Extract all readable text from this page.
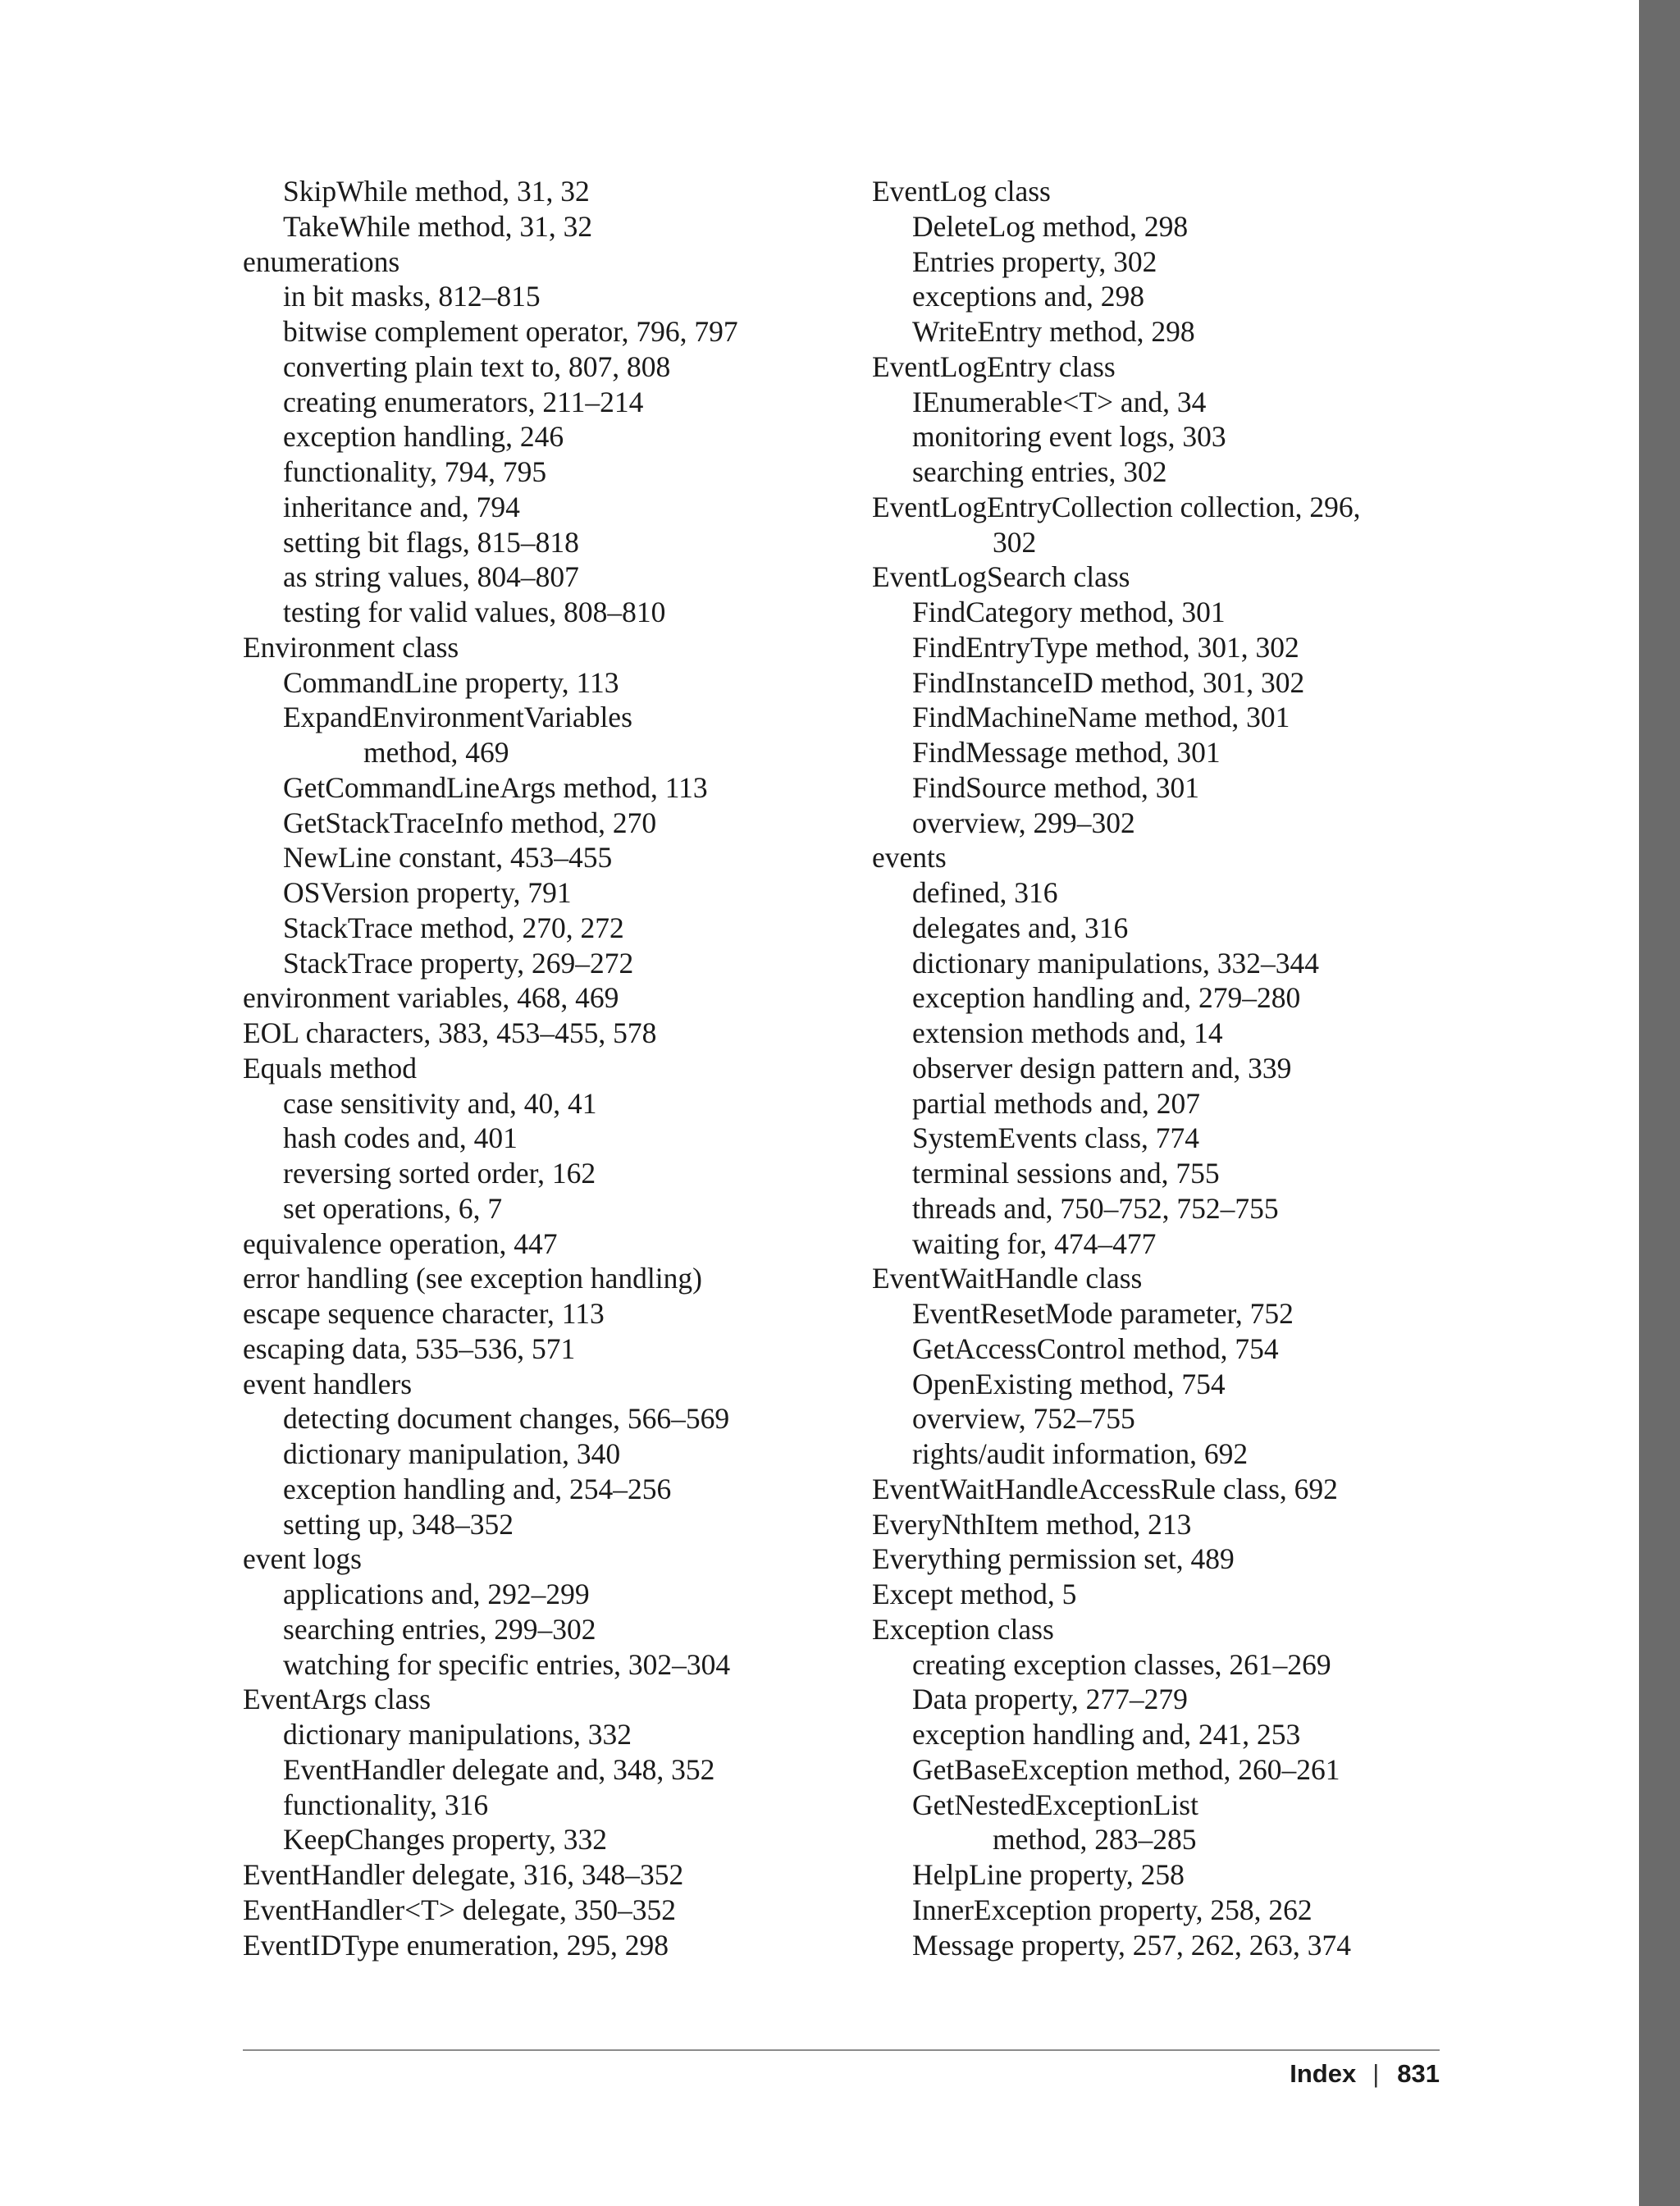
SkipWhile method, 31, 32
TakeWhile method, 31, 32
enumerations
in bit masks, 812–815
bitwise complement operator, 796, 797
converting plain text to, 807, 808
creating enumerators, 211–214
exception handling, 246
functionality, 794, 795
inheritance and, 794
setting bit flags, 815–818
as string values, 804–807
testing for valid values, 808–810
Environment class
CommandLine property, 113
ExpandEnvironmentVariables
method, 469
GetCommandLineArgs method, 113
GetStackTraceInfo method, 270
NewLine constant, 453–455
OSVersion property, 791
StackTrace method, 270, 272
StackTrace property, 269–272
environment variables, 468, 469
EOL characters, 383, 453–455, 578
Equals method
case sensitivity and, 40, 41
hash codes and, 401
reversing sorted order, 162
set operations, 6, 7
equivalence operation, 447
error handling (see exception handling)
escape sequence character, 113
escaping data, 535–536, 571
event handlers
detecting document changes, 566–569
dictionary manipulation, 340
exception handling and, 254–256
setting up, 348–352
event logs
applications and, 292–299
searching entries, 299–302
watching for specific entries, 302–304
EventArgs class
dictionary manipulations, 332
EventHandler delegate and, 348, 352
functionality, 316
KeepChanges property, 332
EventHandler delegate, 316, 348–352
EventHandler<T> delegate, 350–352
EventIDType enumeration, 295, 298
EventLog class
DeleteLog method, 298
Entries property, 302
exceptions and, 298
WriteEntry method, 298
EventLogEntry class
IEnumerable<T> and, 34
monitoring event logs, 303
searching entries, 302
EventLogEntryCollection collection, 296,
302
EventLogSearch class
FindCategory method, 301
FindEntryType method, 301, 302
FindInstanceID method, 301, 302
FindMachineName method, 301
FindMessage method, 301
FindSource method, 301
overview, 299–302
events
defined, 316
delegates and, 316
dictionary manipulations, 332–344
exception handling and, 279–280
extension methods and, 14
observer design pattern and, 339
partial methods and, 207
SystemEvents class, 774
terminal sessions and, 755
threads and, 750–752, 752–755
waiting for, 474–477
EventWaitHandle class
EventResetMode parameter, 752
GetAccessControl method, 754
OpenExisting method, 754
overview, 752–755
rights/audit information, 692
EventWaitHandleAccessRule class, 692
EveryNthItem method, 213
Everything permission set, 489
Except method, 5
Exception class
creating exception classes, 261–269
Data property, 277–279
exception handling and, 241, 253
GetBaseException method, 260–261
GetNestedExceptionList
method, 283–285
HelpLine property, 258
InnerException property, 258, 262
Message property, 257, 262, 263, 374
Index | 831
